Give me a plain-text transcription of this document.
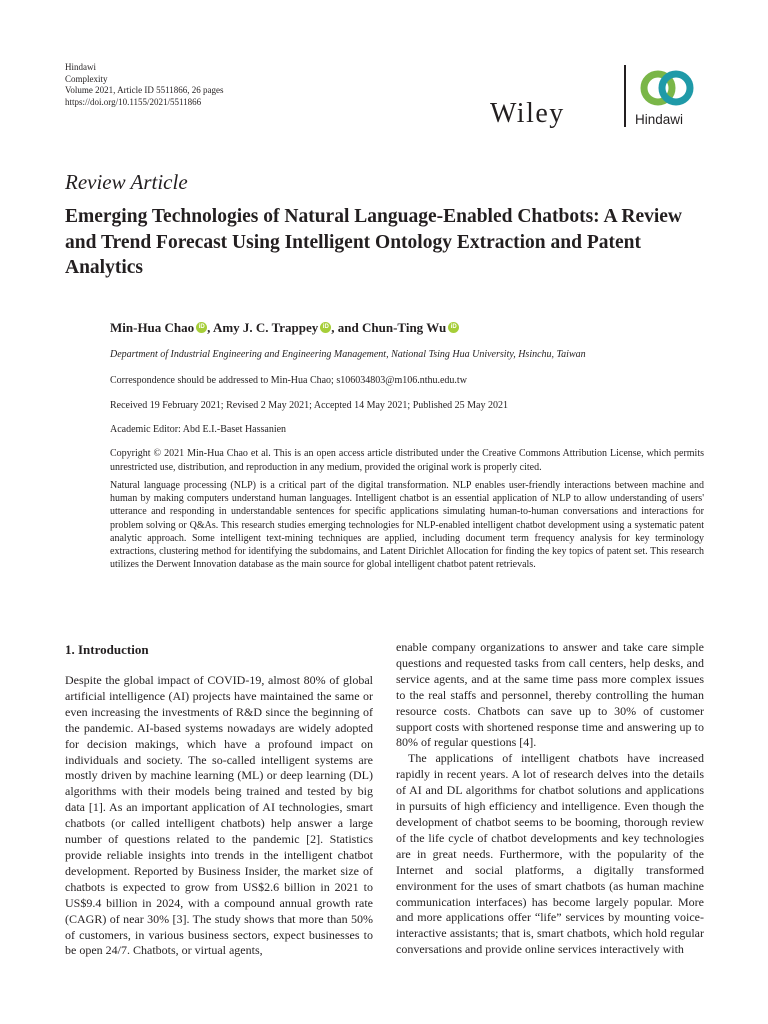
Hindawi
Complexity
Volume 2021, Article ID 5511866, 26 pages
https://doi.org/10.1155/2021/5511866	Wiley	Hindawi
Review Article
Emerging Technologies of Natural Language-Enabled Chatbots: A Review and Trend Forecast Using Intelligent Ontology Extraction and Patent Analytics
Min-Hua Chao iD , Amy J. C. Trappey iD , and Chun-Ting WuiD
Department of Industrial Engineering and Engineering Management, National Tsing Hua University, Hsinchu, Taiwan
Correspondence should be addressed to Min-Hua Chao; s106034803@m106.nthu.edu.tw
Received 19 February 2021; Revised 2 May 2021; Accepted 14 May 2021; Published 25 May 2021
Academic Editor: Abd E.I.-Baset Hassanien
Copyright © 2021 Min-Hua Chao et al. This is an open access article distributed under the Creative Commons Attribution License, which permits unrestricted use, distribution, and reproduction in any medium, provided the original work is properly cited.
Natural language processing (NLP) is a critical part of the digital transformation. NLP enables user-friendly interactions between machine and human by making computers understand human languages. Intelligent chatbot is an essential application of NLP to allow understanding of users' utterance and responding in understandable sentences for specific applications simulating human-to-human conversations and interactions for problem solving or Q&As. This research studies emerging technologies for NLP-enabled intelligent chatbot development using a systematic patent analytic approach. Some intelligent text-mining techniques are applied, including document term frequency analysis for key terminology extractions, clustering method for identifying the subdomains, and Latent Dirichlet Allocation for finding the key topics of patent set. This research utilizes the Derwent Innovation database as the main source for global intelligent chatbot patent retrievals.
1. Introduction

Despite the global impact of COVID-19, almost 80% of global artificial intelligence (AI) projects have maintained the same or even increasing the investments of R&D since the beginning of the pandemic. AI-based systems nowadays are widely adopted for decision makings, which have a profound impact on individuals and society. The so-called intelligent systems are mostly driven by machine learning (ML) or deep learning (DL) algorithms with their models being trained and tested by big data [1]. As an important application of AI technologies, smart chatbots (or called intelligent chatbots) help answer a large number of questions related to the pandemic [2]. Statistics provide reliable insights into trends in the intelligent chatbot development. Reported by Business Insider, the market size of chatbots is expected to grow from US$2.6 billion in 2021 to US$9.4 billion in 2024, with a compound annual growth rate (CAGR) of near 30% [3]. The study shows that more than 50% of customers, in various business sectors, expect businesses to be open 24/7. Chatbots, or virtual agents,

enable company organizations to answer and take care simple questions and requested tasks from call centers, help desks, and service agents, and at the same time pass more complex issues to the real staffs and personnel, thereby controlling the human resource costs. Chatbots can save up to 30% of customer support costs with shortened response time and answering up to 80% of regular questions [4].

The applications of intelligent chatbots have increased rapidly in recent years. A lot of research delves into the details of AI and DL algorithms for chatbot solutions and applications in pursuits of high efficiency and intelligence. Even though the development of chatbot seems to be booming, thorough review of the life cycle of chatbot developments and key technologies are in great needs. Furthermore, with the popularity of the Internet and social platforms, a digitally transformed environment for the uses of smart chatbots (as human machine communication interfaces) has become largely popular. More and more applications offer “life” services by mounting voice-interactive assistants; that is, smart chatbots, which hold regular conversations and provide online services interactively with
